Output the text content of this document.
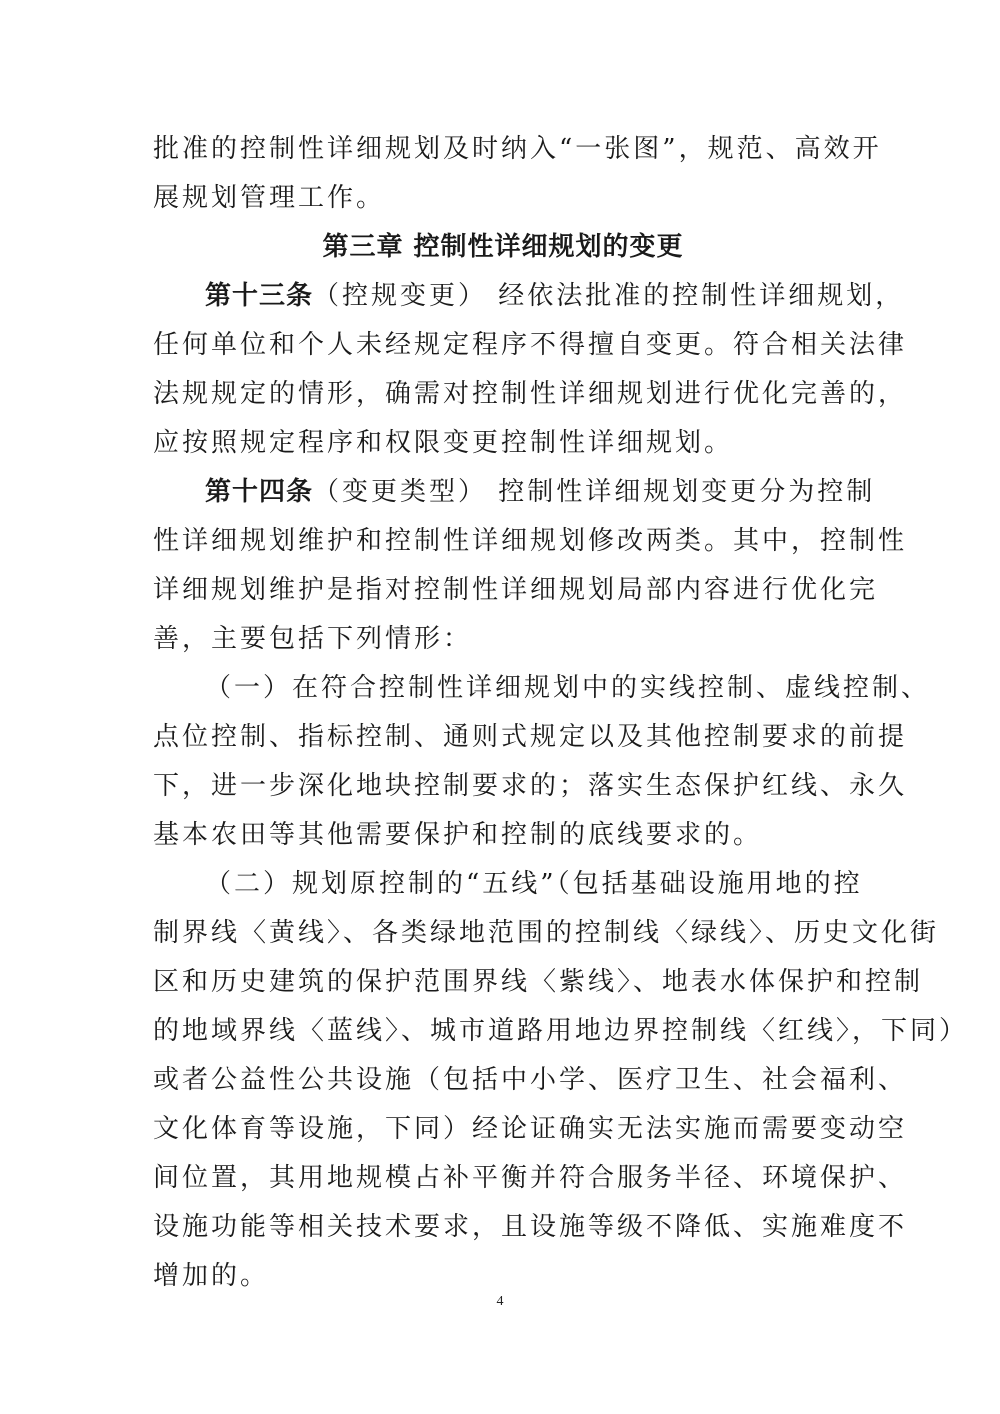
批准的控制性详细规划及时纳入“一张图”，规范、高效开
展规划管理工作。
第三章 控制性详细规划的变更
第十三条（控规变更） 经依法批准的控制性详细规划，
任何单位和个人未经规定程序不得擅自变更。符合相关法律
法规规定的情形，确需对控制性详细规划进行优化完善的，
应按照规定程序和权限变更控制性详细规划。
第十四条（变更类型） 控制性详细规划变更分为控制
性详细规划维护和控制性详细规划修改两类。其中，控制性
详细规划维护是指对控制性详细规划局部内容进行优化完
善，主要包括下列情形：
（一）在符合控制性详细规划中的实线控制、虚线控制、
点位控制、指标控制、通则式规定以及其他控制要求的前提
下，进一步深化地块控制要求的；落实生态保护红线、永久
基本农田等其他需要保护和控制的底线要求的。
（二）规划原控制的“五线”（包括基础设施用地的控
制界线〈黄线〉、各类绿地范围的控制线〈绿线〉、历史文化街
区和历史建筑的保护范围界线〈紫线〉、地表水体保护和控制
的地域界线〈蓝线〉、城市道路用地边界控制线〈红线〉，下同）
或者公益性公共设施（包括中小学、医疗卫生、社会福利、
文化体育等设施，下同）经论证确实无法实施而需要变动空
间位置，其用地规模占补平衡并符合服务半径、环境保护、
设施功能等相关技术要求，且设施等级不降低、实施难度不
增加的。
4
